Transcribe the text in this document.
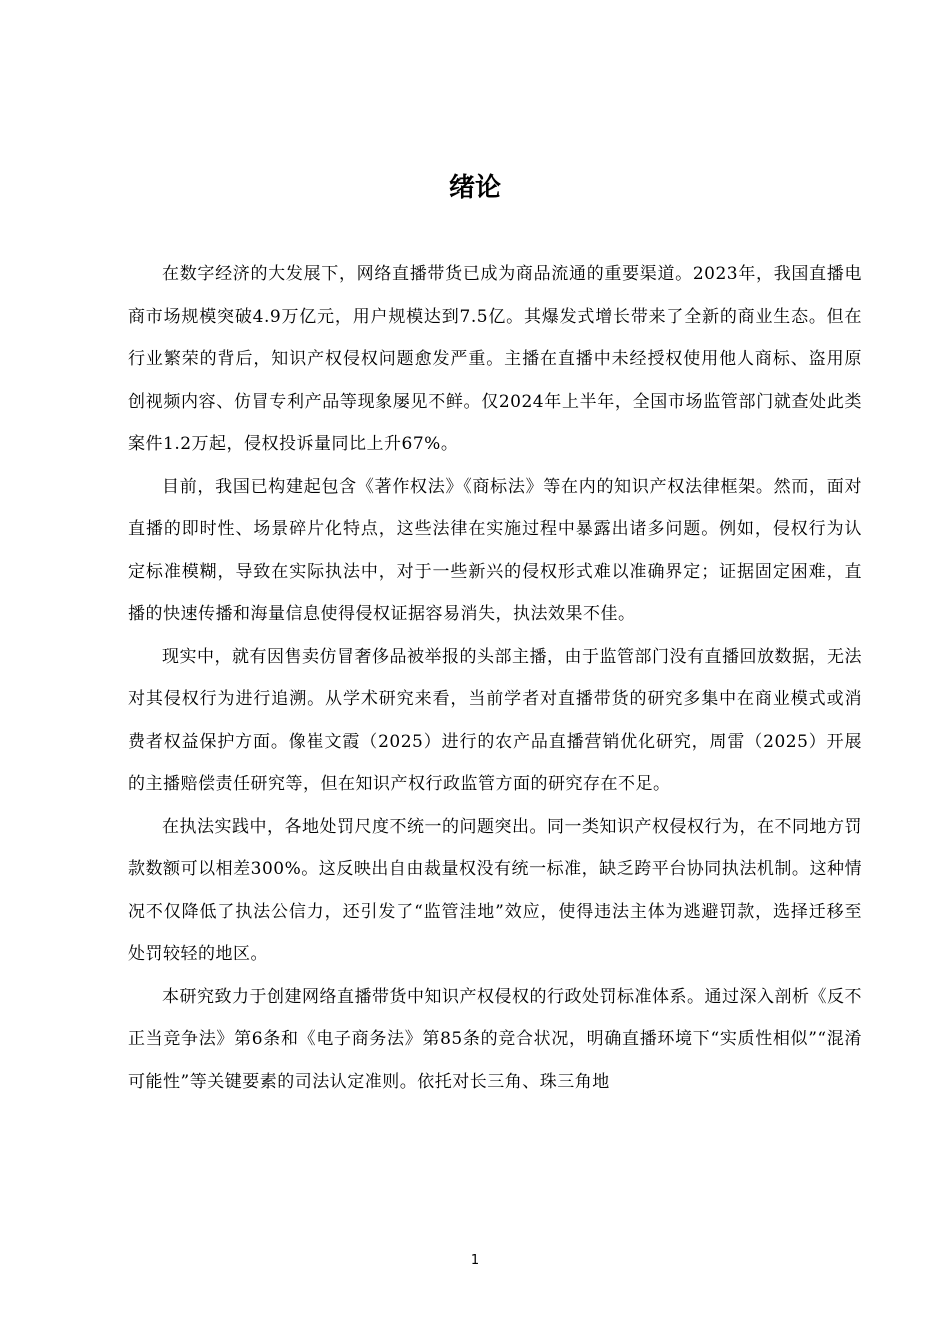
绪论

在数字经济的大发展下，网络直播带货已成为商品流通的重要渠道。2023年，我国直播电商市场规模突破4.9万亿元，用户规模达到7.5亿。其爆发式增长带来了全新的商业生态。但在行业繁荣的背后，知识产权侵权问题愈发严重。主播在直播中未经授权使用他人商标、盗用原创视频内容、仿冒专利产品等现象屡见不鲜。仅2024年上半年，全国市场监管部门就查处此类案件1.2万起，侵权投诉量同比上升67%。

目前，我国已构建起包含《著作权法》《商标法》等在内的知识产权法律框架。然而，面对直播的即时性、场景碎片化特点，这些法律在实施过程中暴露出诸多问题。例如，侵权行为认定标准模糊，导致在实际执法中，对于一些新兴的侵权形式难以准确界定；证据固定困难，直播的快速传播和海量信息使得侵权证据容易消失，执法效果不佳。

现实中，就有因售卖仿冒奢侈品被举报的头部主播，由于监管部门没有直播回放数据，无法对其侵权行为进行追溯。从学术研究来看，当前学者对直播带货的研究多集中在商业模式或消费者权益保护方面。像崔文霞（2025）进行的农产品直播营销优化研究，周雷（2025）开展的主播赔偿责任研究等，但在知识产权行政监管方面的研究存在不足。

在执法实践中，各地处罚尺度不统一的问题突出。同一类知识产权侵权行为，在不同地方罚款数额可以相差300%。这反映出自由裁量权没有统一标准，缺乏跨平台协同执法机制。这种情况不仅降低了执法公信力，还引发了“监管洼地”效应，使得违法主体为逃避罚款，选择迁移至处罚较轻的地区。

本研究致力于创建网络直播带货中知识产权侵权的行政处罚标准体系。通过深入剖析《反不正当竞争法》第6条和《电子商务法》第85条的竞合状况，明确直播环境下“实质性相似”“混淆可能性”等关键要素的司法认定准则。依托对长三角、珠三角地

1
